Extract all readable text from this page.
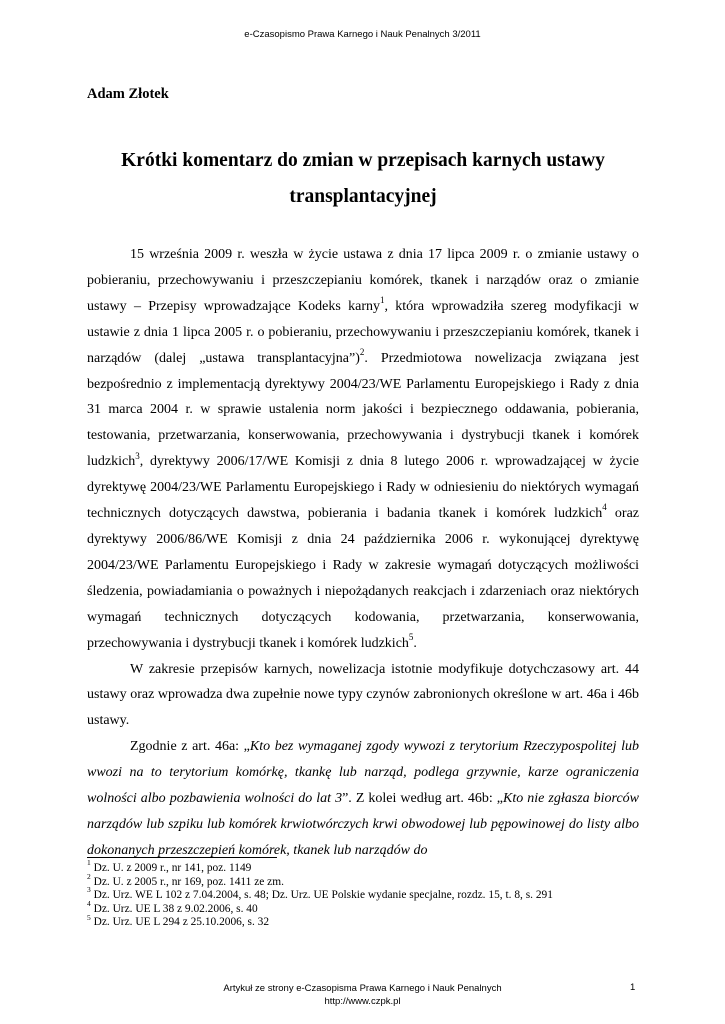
e-Czasopismo Prawa Karnego i Nauk Penalnych 3/2011
Adam Złotek
Krótki komentarz do zmian w przepisach karnych ustawy transplantacyjnej

15 września 2009 r. weszła w życie ustawa z dnia 17 lipca 2009 r. o zmianie ustawy o pobieraniu, przechowywaniu i przeszczepianiu komórek, tkanek i narządów oraz o zmianie ustawy – Przepisy wprowadzające Kodeks karny$^1$, która wprowadziła szereg modyfikacji w ustawie z dnia 1 lipca 2005 r. o pobieraniu, przechowywaniu i przeszczepianiu komórek, tkanek i narządów (dalej „ustawa transplantacyjna”)$^2$. Przedmiotowa nowelizacja związana jest bezpośrednio z implementacją dyrektywy 2004/23/WE Parlamentu Europejskiego i Rady z dnia 31 marca 2004 r. w sprawie ustalenia norm jakości i bezpiecznego oddawania, pobierania, testowania, przetwarzania, konserwowania, przechowywania i dystrybucji tkanek i komórek ludzkich$^3$, dyrektywy 2006/17/WE Komisji z dnia 8 lutego 2006 r. wprowadzającej w życie dyrektywę 2004/23/WE Parlamentu Europejskiego i Rady w odniesieniu do niektórych wymagań technicznych dotyczących dawstwa, pobierania i badania tkanek i komórek ludzkich$^4$ oraz dyrektywy 2006/86/WE Komisji z dnia 24 października 2006 r. wykonującej dyrektywę 2004/23/WE Parlamentu Europejskiego i Rady w zakresie wymagań dotyczących możliwości śledzenia, powiadamiania o poważnych i niepożądanych reakcjach i zdarzeniach oraz niektórych wymagań technicznych dotyczących kodowania, przetwarzania, konserwowania, przechowywania i dystrybucji tkanek i komórek ludzkich$^5$.

W zakresie przepisów karnych, nowelizacja istotnie modyfikuje dotychczasowy art. 44 ustawy oraz wprowadza dwa zupełnie nowe typy czynów zabronionych określone w art. 46a i 46b ustawy.

Zgodnie z art. 46a: „Kto bez wymaganej zgody wywozi z terytorium Rzeczypospolitej lub wwozi na to terytorium komórkę, tkankę lub narząd, podlega grzywnie, karze ograniczenia wolności albo pozbawienia wolności do lat 3”. Z kolei według art. 46b: „Kto nie zgłasza biorców narządów lub szpiku lub komórek krwiotwórczych krwi obwodowej lub pępowinowej do listy albo dokonanych przeszczepień komórek, tkanek lub narządów do

$^1$ Dz. U. z 2009 r., nr 141, poz. 1149
$^2$ Dz. U. z 2005 r., nr 169, poz. 1411 ze zm.
$^3$ Dz. Urz. WE L 102 z 7.04.2004, s. 48; Dz. Urz. UE Polskie wydanie specjalne, rozdz. 15, t. 8, s. 291
$^4$ Dz. Urz. UE L 38 z 9.02.2006, s. 40
$^5$ Dz. Urz. UE L 294 z 25.10.2006, s. 32
Artykuł ze strony e-Czasopisma Prawa Karnego i Nauk Penalnych
http://www.czpk.pl
1
